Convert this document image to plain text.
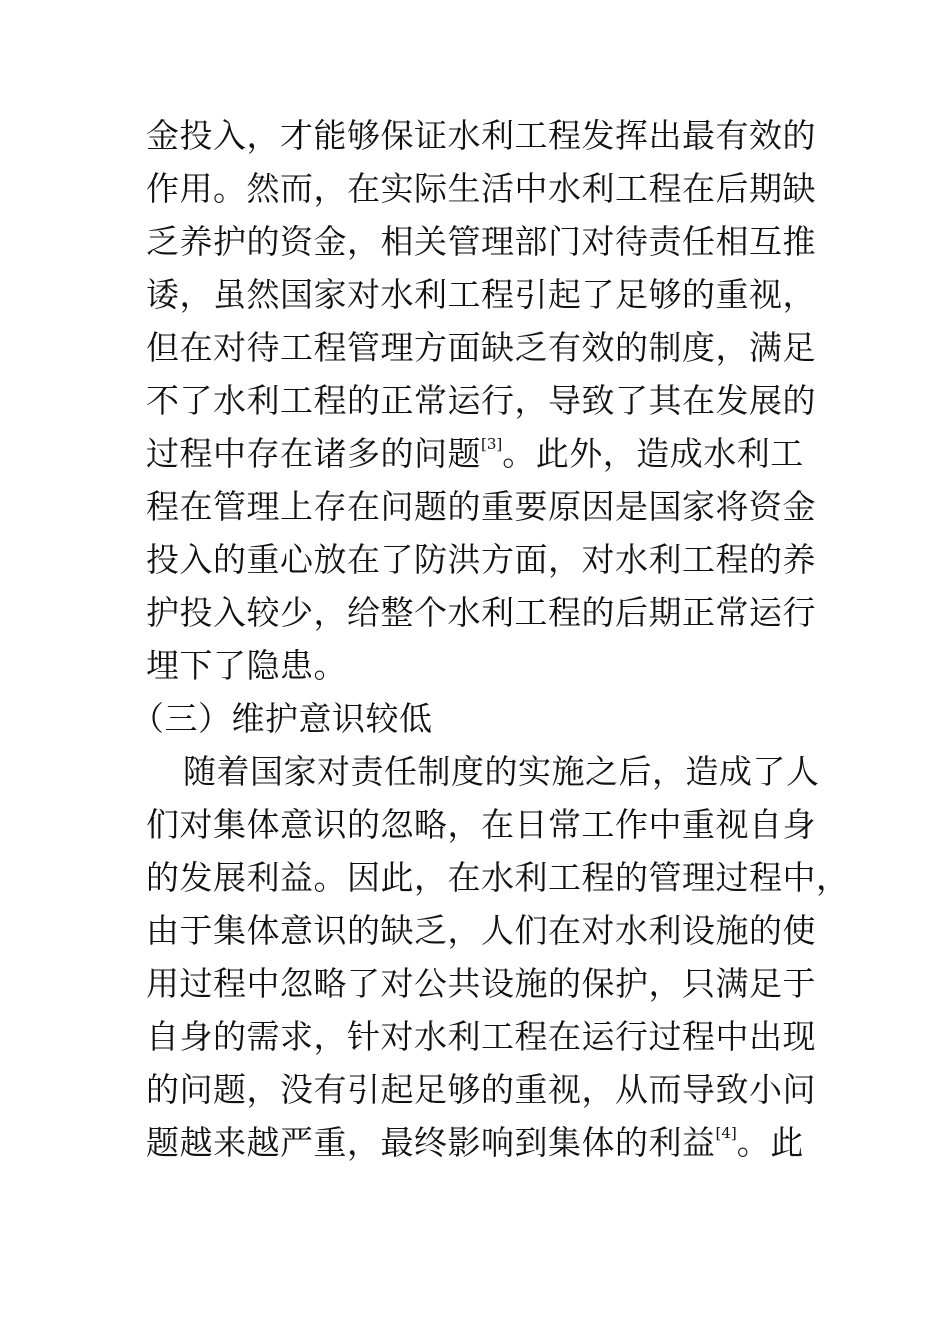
金投入，才能够保证水利工程发挥出最有效的
作用。然而，在实际生活中水利工程在后期缺
乏养护的资金，相关管理部门对待责任相互推
诿，虽然国家对水利工程引起了足够的重视，
但在对待工程管理方面缺乏有效的制度，满足
不了水利工程的正常运行，导致了其在发展的
过程中存在诸多的问题[3]。此外，造成水利工
程在管理上存在问题的重要原因是国家将资金
投入的重心放在了防洪方面，对水利工程的养
护投入较少，给整个水利工程的后期正常运行
埋下了隐患。
（三）维护意识较低
随着国家对责任制度的实施之后，造成了人
们对集体意识的忽略，在日常工作中重视自身
的发展利益。因此，在水利工程的管理过程中，
由于集体意识的缺乏，人们在对水利设施的使
用过程中忽略了对公共设施的保护，只满足于
自身的需求，针对水利工程在运行过程中出现
的问题，没有引起足够的重视，从而导致小问
题越来越严重，最终影响到集体的利益[4]。此
